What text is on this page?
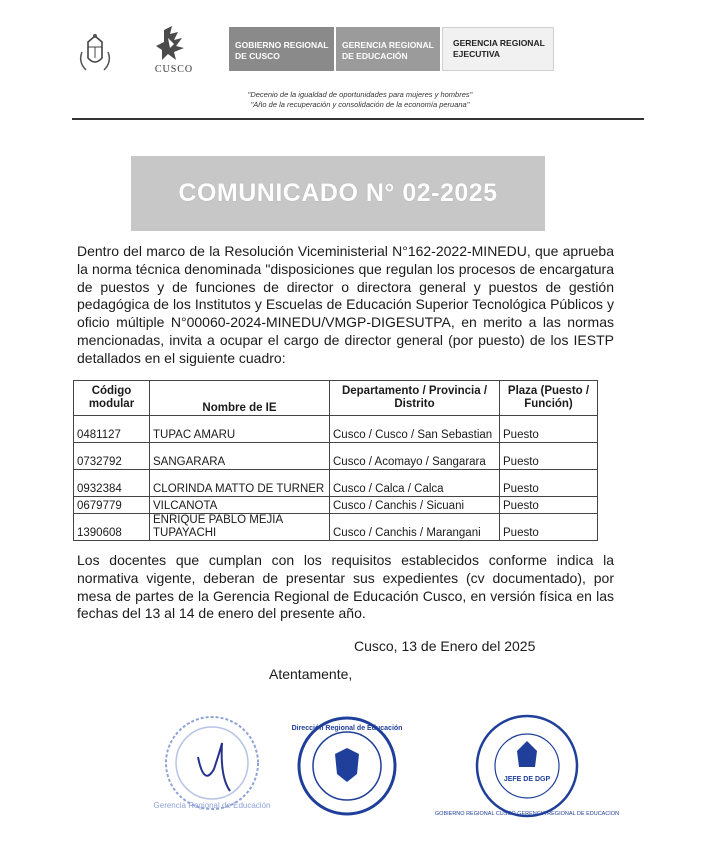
CUSCO
GOBIERNO REGIONAL DE CUSCO
GERENCIA REGIONAL DE EDUCACIÓN
GERENCIA REGIONAL EJECUTIVA
"Decenio de la igualdad de oportunidades para mujeres y hombres"
"Año de la recuperación y consolidación de la economía peruana"
COMUNICADO N° 02-2025
Dentro del marco de la Resolución Viceministerial N°162-2022-MINEDU, que aprueba la norma técnica denominada "disposiciones que regulan los procesos de encargatura de puestos y de funciones de director o directora general y puestos de gestión pedagógica de los Institutos y Escuelas de Educación Superior Tecnológica Públicos y oficio múltiple N°00060-2024-MINEDU/VMGP-DIGESUTPA, en merito a las normas mencionadas, invita a ocupar el cargo de director general (por puesto) de los IESTP detallados en el siguiente cuadro:
Código modular	Nombre de IE	Departamento / Provincia / Distrito	Plaza (Puesto / Función)
0481127	TUPAC AMARU	Cusco / Cusco / San Sebastian	Puesto
0732792	SANGARARA	Cusco / Acomayo / Sangarara	Puesto
0932384	CLORINDA MATTO DE TURNER	Cusco / Calca / Calca	Puesto
0679779	VILCANOTA	Cusco / Canchis / Sicuani	Puesto
1390608	ENRIQUE PABLO MEJIA TUPAYACHI	Cusco / Canchis / Marangani	Puesto
Los docentes que cumplan con los requisitos establecidos conforme indica la normativa vigente, deberan de presentar sus expedientes (cv documentado), por mesa de partes de la Gerencia Regional de Educación Cusco, en versión física en las fechas del 13 al 14 de enero del presente año.
Cusco, 13 de Enero del 2025
Atentamente,
Gerencia Regional de Educación
Dirección Regional de Educación
JEFE DE DGP
GOBIERNO REGIONAL CUSCO GERENCIA REGIONAL DE EDUCACION
